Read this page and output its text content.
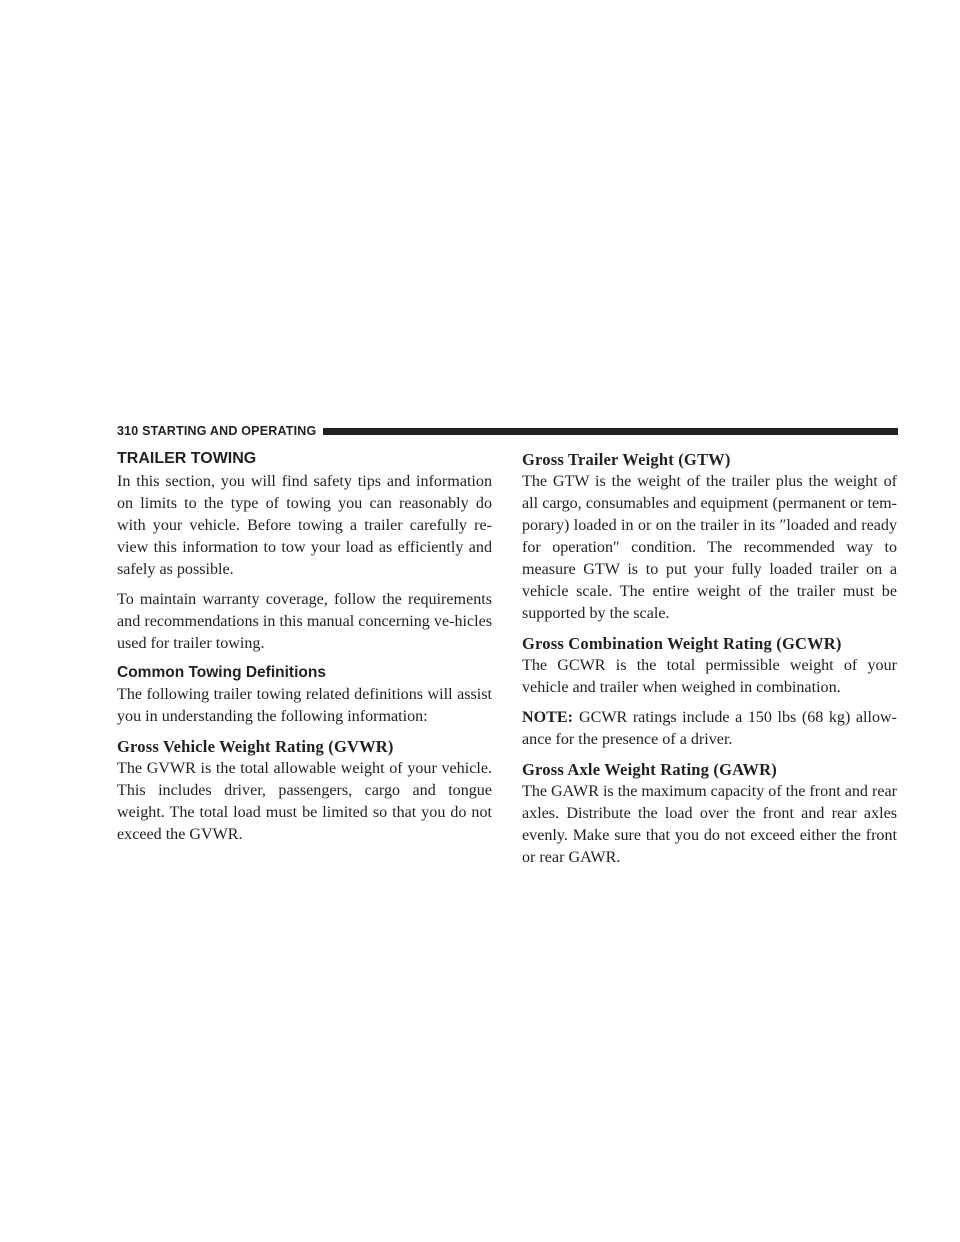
310 STARTING AND OPERATING
TRAILER TOWING

In this section, you will find safety tips and information on limits to the type of towing you can reasonably do with your vehicle. Before towing a trailer carefully re-view this information to tow your load as efficiently and safely as possible.

To maintain warranty coverage, follow the requirements and recommendations in this manual concerning ve-hicles used for trailer towing.

Common Towing Definitions

The following trailer towing related definitions will assist you in understanding the following information:

Gross Vehicle Weight Rating (GVWR)

The GVWR is the total allowable weight of your vehicle. This includes driver, passengers, cargo and tongue weight. The total load must be limited so that you do not exceed the GVWR.

Gross Trailer Weight (GTW)

The GTW is the weight of the trailer plus the weight of all cargo, consumables and equipment (permanent or tem-porary) loaded in or on the trailer in its ″loaded and ready for operation″ condition. The recommended way to measure GTW is to put your fully loaded trailer on a vehicle scale. The entire weight of the trailer must be supported by the scale.

Gross Combination Weight Rating (GCWR)

The GCWR is the total permissible weight of your vehicle and trailer when weighed in combination.

NOTE: GCWR ratings include a 150 lbs (68 kg) allow-ance for the presence of a driver.

Gross Axle Weight Rating (GAWR)

The GAWR is the maximum capacity of the front and rear axles. Distribute the load over the front and rear axles evenly. Make sure that you do not exceed either the front or rear GAWR.
